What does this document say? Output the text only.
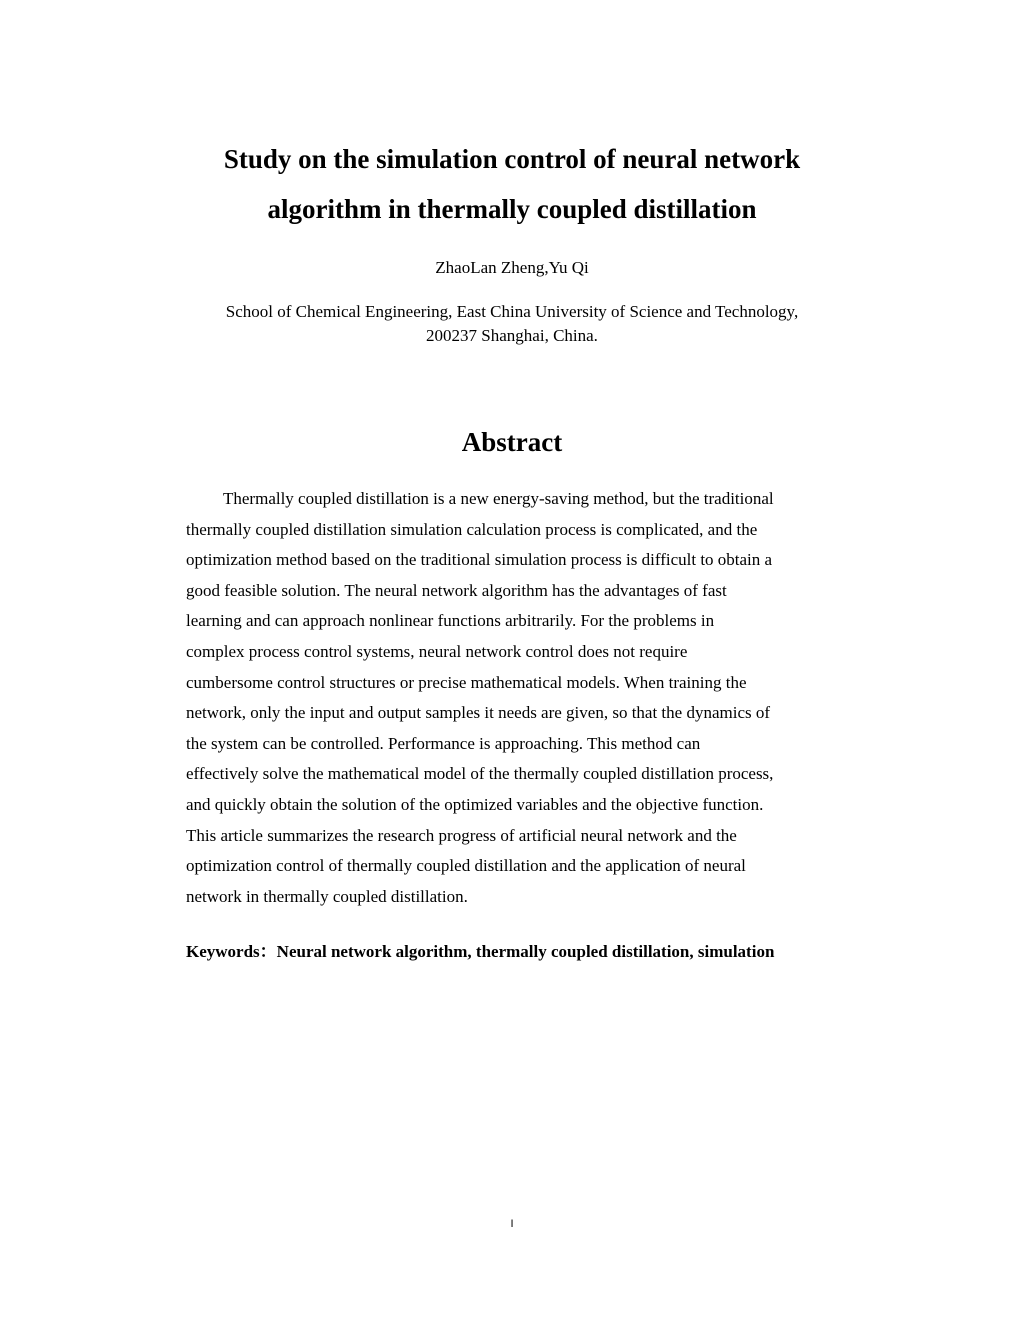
Study on the simulation control of neural network
algorithm in thermally coupled distillation

ZhaoLan Zheng,Yu Qi

School of Chemical Engineering, East China University of Science and Technology,
200237 Shanghai, China.

Abstract
Thermally coupled distillation is a new energy-saving method, but the traditional
thermally coupled distillation simulation calculation process is complicated, and the
optimization method based on the traditional simulation process is difficult to obtain a
good feasible solution. The neural network algorithm has the advantages of fast
learning and can approach nonlinear functions arbitrarily. For the problems in
complex process control systems, neural network control does not require
cumbersome control structures or precise mathematical models. When training the
network, only the input and output samples it needs are given, so that the dynamics of
the system can be controlled. Performance is approaching. This method can
effectively solve the mathematical model of the thermally coupled distillation process,
and quickly obtain the solution of the optimized variables and the objective function.
This article summarizes the research progress of artificial neural network and the
optimization control of thermally coupled distillation and the application of neural
network in thermally coupled distillation.

Keywords：Neural network algorithm, thermally coupled distillation, simulation

I
